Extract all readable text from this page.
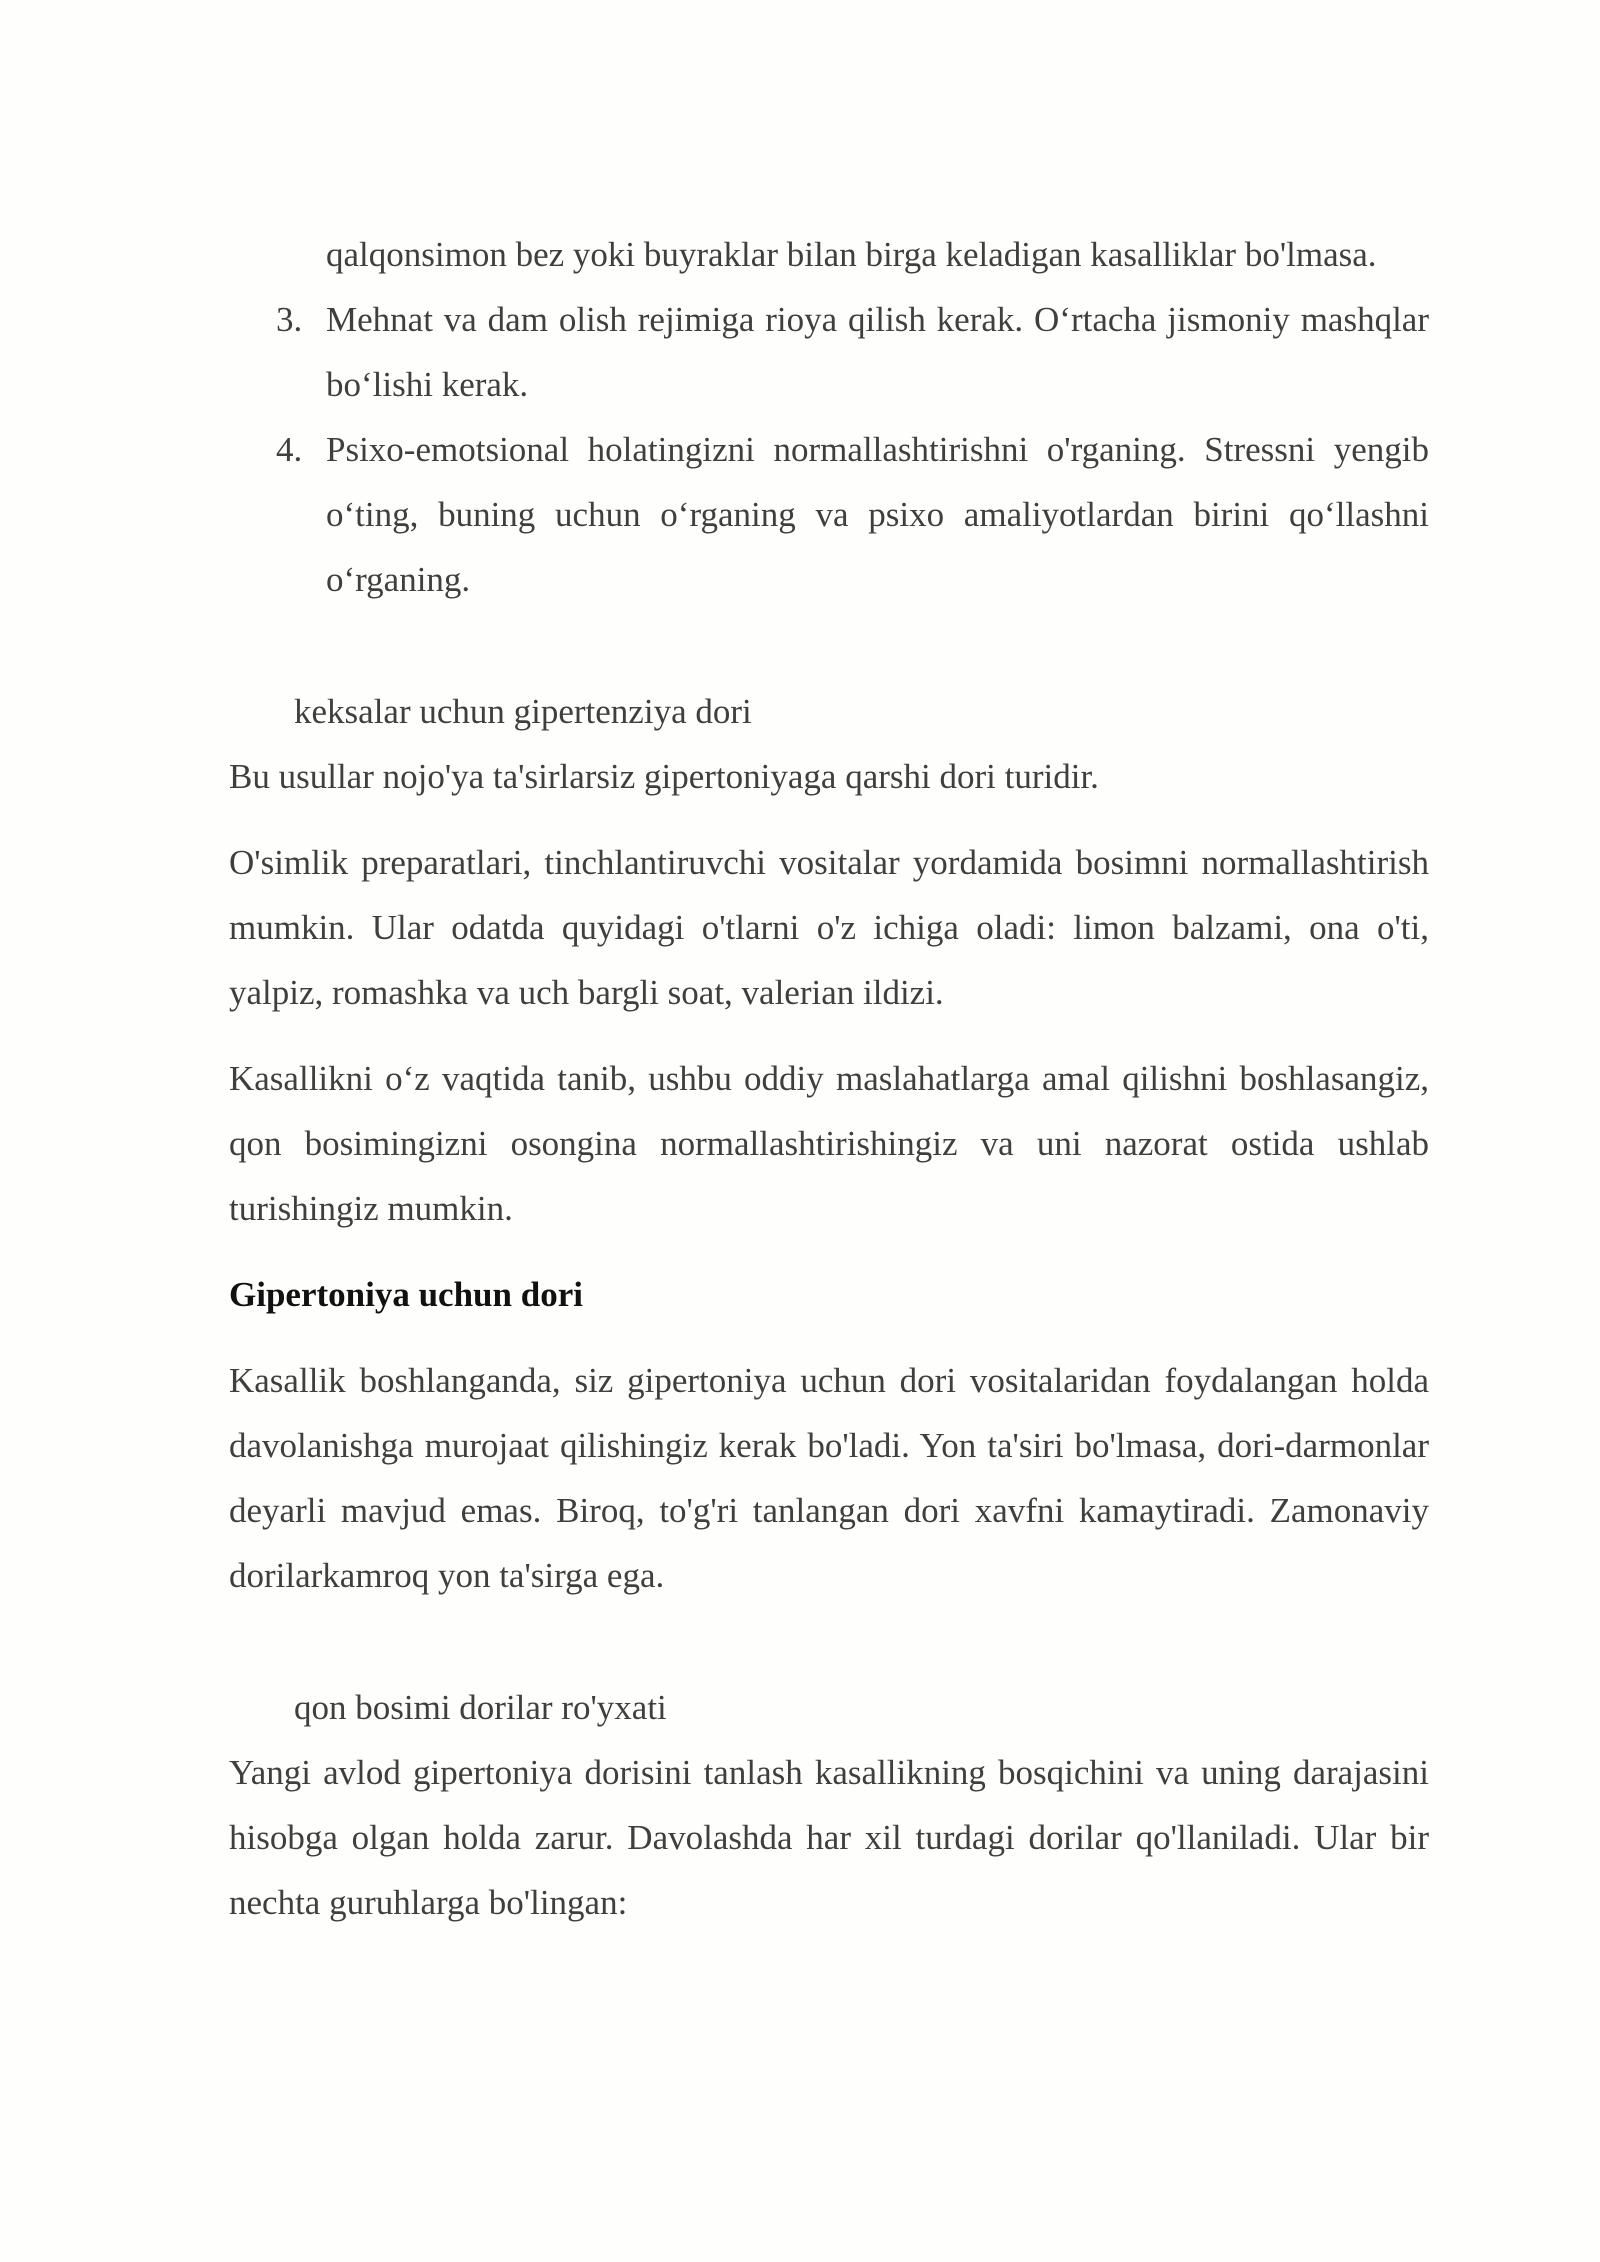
qalqonsimon bez yoki buyraklar bilan birga keladigan kasalliklar bo'lmasa.

3. Mehnat va dam olish rejimiga rioya qilish kerak. O‘rtacha jismoniy mashqlar bo‘lishi kerak.
4. Psixo-emotsional holatingizni normallashtirishni o'rganing. Stressni yengib o‘ting, buning uchun o‘rganing va psixo amaliyotlardan birini qo‘llashni o‘rganing.

keksalar uchun gipertenziya dori

Bu usullar nojo'ya ta'sirlarsiz gipertoniyaga qarshi dori turidir.

O'simlik preparatlari, tinchlantiruvchi vositalar yordamida bosimni normallashtirish mumkin. Ular odatda quyidagi o'tlarni o'z ichiga oladi: limon balzami, ona o'ti, yalpiz, romashka va uch bargli soat, valerian ildizi.

Kasallikni o‘z vaqtida tanib, ushbu oddiy maslahatlarga amal qilishni boshlasangiz, qon bosimingizni osongina normallashtirishingiz va uni nazorat ostida ushlab turishingiz mumkin.

Gipertoniya uchun dori

Kasallik boshlanganda, siz gipertoniya uchun dori vositalaridan foydalangan holda davolanishga murojaat qilishingiz kerak bo'ladi. Yon ta'siri bo'lmasa, dori-darmonlar deyarli mavjud emas. Biroq, to'g'ri tanlangan dori xavfni kamaytiradi. Zamonaviy dorilarkamroq yon ta'sirga ega.

qon bosimi dorilar ro'yxati

Yangi avlod gipertoniya dorisini tanlash kasallikning bosqichini va uning darajasini hisobga olgan holda zarur. Davolashda har xil turdagi dorilar qo'llaniladi. Ular bir nechta guruhlarga bo'lingan:
